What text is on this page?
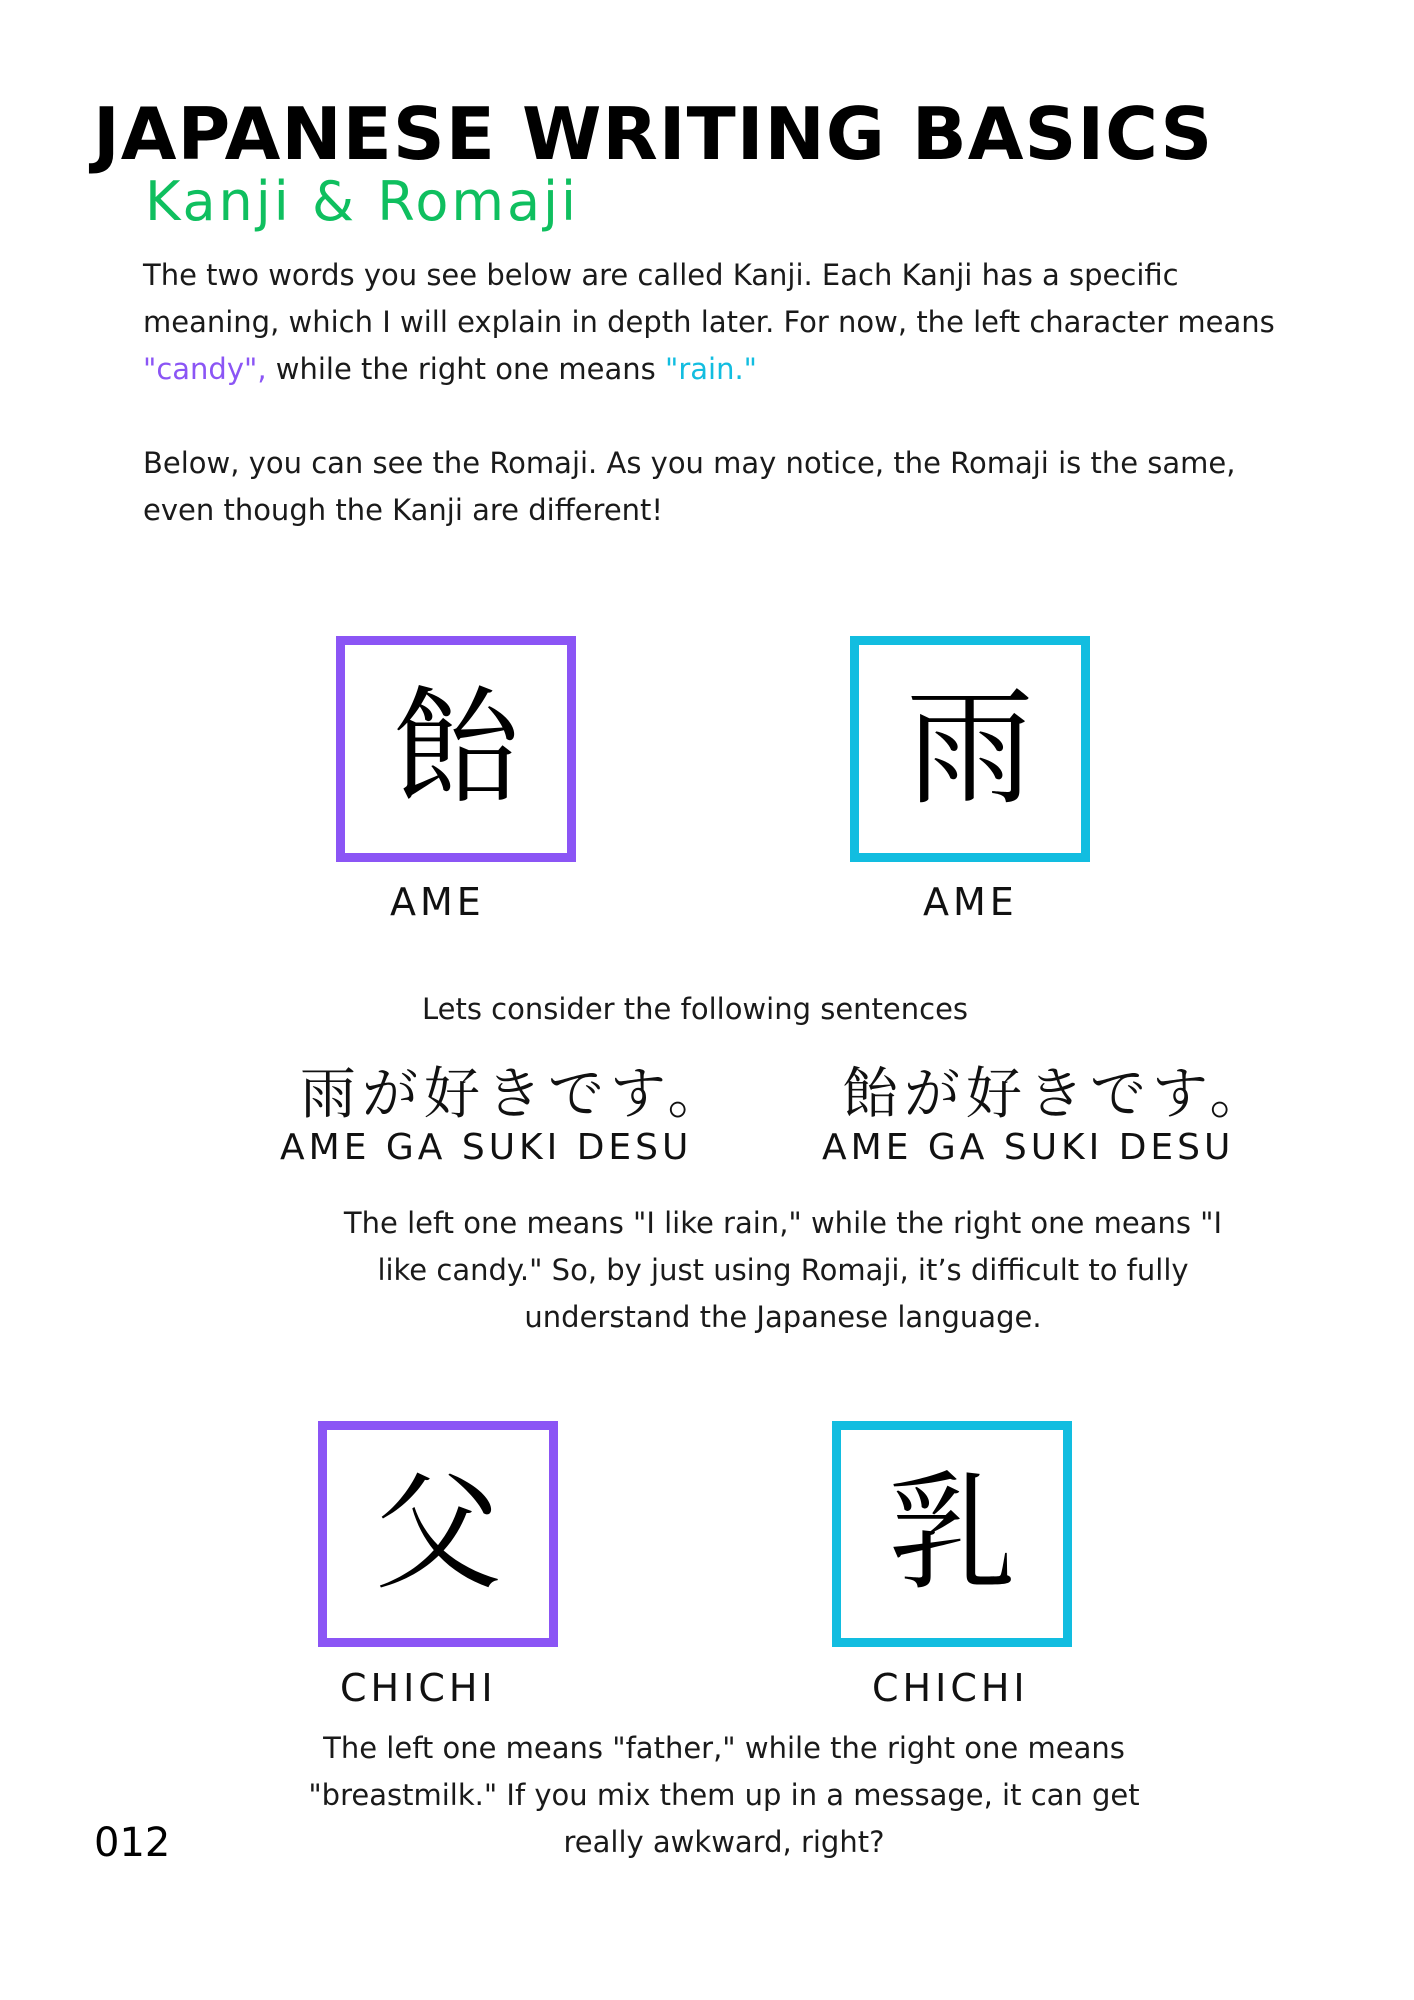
JAPANESE WRITING BASICS
Kanji & Romaji

The two words you see below are called Kanji. Each Kanji has a specific meaning, which I will explain in depth later. For now, the left character means "candy", while the right one means "rain."

Below, you can see the Romaji. As you may notice, the Romaji is the same, even though the Kanji are different!

飴	雨
AME	AME
Lets consider the following sentences
雨が好きです。 飴が好きです。
AME GA SUKI DESU	AME GA SUKI DESU
The left one means "I like rain," while the right one means "I
like candy." So, by just using Romaji, it’s difficult to fully
understand the Japanese language.
父	乳
CHICHI	CHICHI
The left one means "father," while the right one means
"breastmilk." If you mix them up in a message, it can get
really awkward, right?
012
